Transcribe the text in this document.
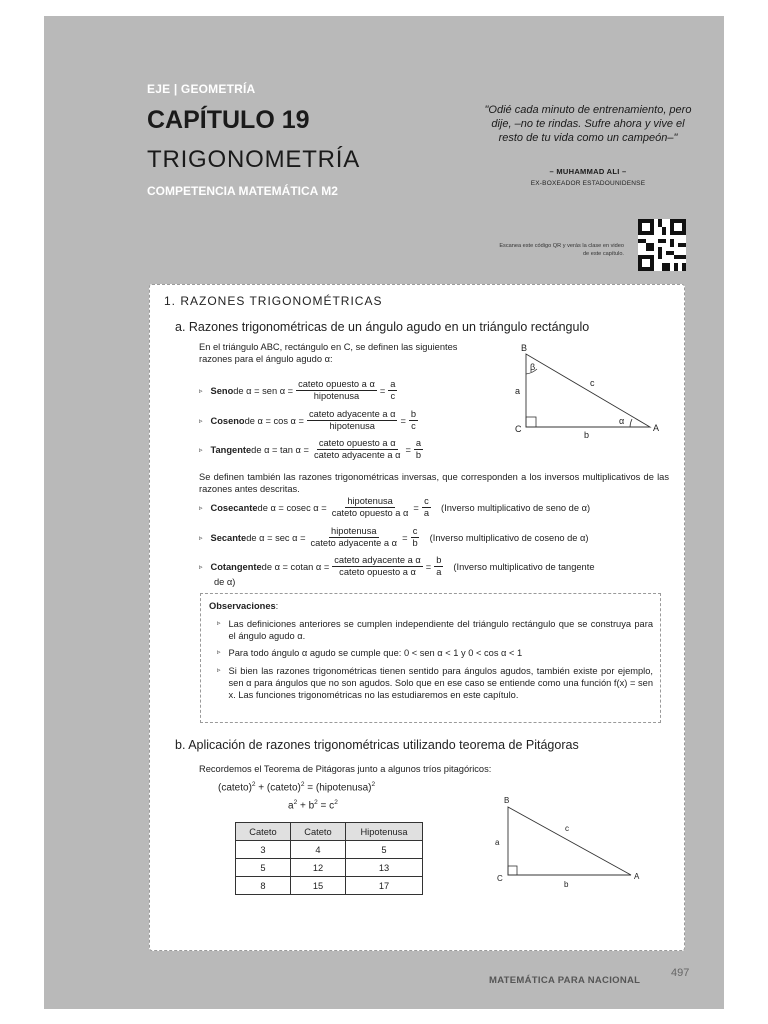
EJE | GEOMETRÍA
CAPÍTULO 19
TRIGONOMETRÍA
COMPETENCIA MATEMÁTICA M2
"Odié cada minuto de entrenamiento, pero dije, –no te rindas. Sufre ahora y vive el resto de tu vida como un campeón–"
– MUHAMMAD ALI –
EX-BOXEADOR ESTADOUNIDENSE
Escanea este código QR y verás la clase en video de este capítulo.
MATEMÁTICA PARA NACIONAL
497
1. RAZONES TRIGONOMÉTRICAS
a. Razones trigonométricas de un ángulo agudo en un triángulo rectángulo
En el triángulo ABC, rectángulo en C, se definen las siguientes razones para el ángulo agudo α:
▹ Seno de α = sen $\alpha = \frac{\text{cateto opuesto a α}}{\text{hipotenusa}} = \frac{a}{c}$
▹ Coseno de $\alpha = \cos \alpha = \frac{\text{cateto adyacente a α}}{\text{hipotenusa}} = \frac{b}{c}$
▹ Tangente de $\alpha = \tan \alpha = \frac{\text{cateto opuesto a α}}{\text{cateto adyacente a α}} = \frac{a}{b}$
B
C	A
a
b
c
β
α
Se definen también las razones trigonométricas inversas, que corresponden a los inversos multiplicativos de las razones antes descritas.
▹ Cosecante de α = cosec $\alpha = \frac{\text{hipotenusa}}{\text{cateto opuesto a α}} = \frac{c}{a}$ (Inverso multiplicativo de seno de α)
▹ Secante de $\alpha = \sec \alpha = \frac{\text{hipotenusa}}{\text{cateto adyacente a α}} = \frac{c}{b}$ (Inverso multiplicativo de coseno de α)
▹ Cotangente de α = cotan $\alpha = \frac{\text{cateto adyacente a α}}{\text{cateto opuesto a α}} = \frac{b}{a}$ (Inverso multiplicativo de tangente
de α)
Observaciones:
▹ Las definiciones anteriores se cumplen independiente del triángulo rectángulo que se construya para el ángulo agudo α.
▹ Para todo ángulo α agudo se cumple que: 0 < sen α < 1 y 0 < cos α < 1
▹ Si bien las razones trigonométricas tienen sentido para ángulos agudos, también existe por ejemplo, sen α para ángulos que no son agudos. Solo que en ese caso se entiende como una función f(x) = sen x. Las funciones trigonométricas no las estudiaremos en este capítulo.
b. Aplicación de razones trigonométricas utilizando teorema de Pitágoras
Recordemos el Teorema de Pitágoras junto a algunos tríos pitagóricos:
(cateto)$^2$ + (cateto)$^2$ = (hipotenusa)$^2$
$a^2 + b^2 = c^2$
Cateto	Cateto	Hipotenusa
3	4	5
5	12	13
8	15	17
B
C	A
a
b
c
